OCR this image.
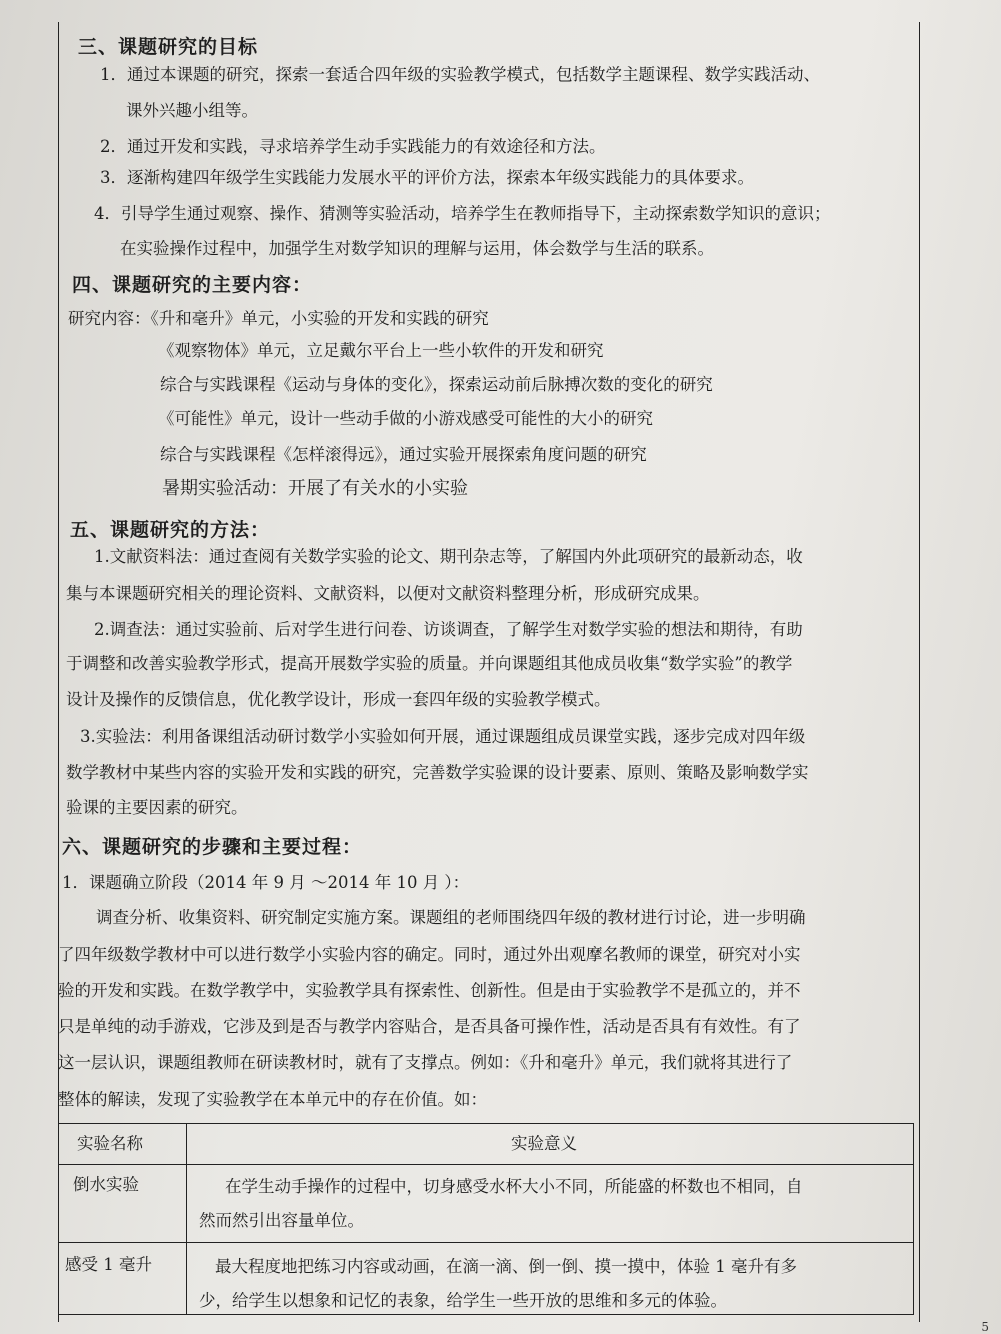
三、课题研究的目标
1．通过本课题的研究，探索一套适合四年级的实验教学模式，包括数学主题课程、数学实践活动、
课外兴趣小组等。
2．通过开发和实践，寻求培养学生动手实践能力的有效途径和方法。
3．逐渐构建四年级学生实践能力发展水平的评价方法，探索本年级实践能力的具体要求。
4．引导学生通过观察、操作、猜测等实验活动，培养学生在教师指导下，主动探索数学知识的意识；
在实验操作过程中，加强学生对数学知识的理解与运用，体会数学与生活的联系。
四、课题研究的主要内容：
研究内容：《升和毫升》单元，小实验的开发和实践的研究
《观察物体》单元，立足戴尔平台上一些小软件的开发和研究
综合与实践课程《运动与身体的变化》，探索运动前后脉搏次数的变化的研究
《可能性》单元，设计一些动手做的小游戏感受可能性的大小的研究
综合与实践课程《怎样滚得远》，通过实验开展探索角度问题的研究
暑期实验活动：开展了有关水的小实验
五、课题研究的方法：
1.文献资料法：通过查阅有关数学实验的论文、期刊杂志等，了解国内外此项研究的最新动态，收
集与本课题研究相关的理论资料、文献资料，以便对文献资料整理分析，形成研究成果。
2.调查法：通过实验前、后对学生进行问卷、访谈调查，了解学生对数学实验的想法和期待，有助
于调整和改善实验教学形式，提高开展数学实验的质量。并向课题组其他成员收集“数学实验”的教学
设计及操作的反馈信息，优化教学设计，形成一套四年级的实验教学模式。
3.实验法：利用备课组活动研讨数学小实验如何开展，通过课题组成员课堂实践，逐步完成对四年级
数学教材中某些内容的实验开发和实践的研究，完善数学实验课的设计要素、原则、策略及影响数学实
验课的主要因素的研究。
六、课题研究的步骤和主要过程：
1．课题确立阶段（2014 年 9 月 ～2014 年 10 月 ）：
调查分析、收集资料、研究制定实施方案。课题组的老师围绕四年级的教材进行讨论，进一步明确
了四年级数学教材中可以进行数学小实验内容的确定。同时，通过外出观摩名教师的课堂，研究对小实
验的开发和实践。在数学教学中，实验教学具有探索性、创新性。但是由于实验教学不是孤立的，并不
只是单纯的动手游戏，它涉及到是否与教学内容贴合，是否具备可操作性，活动是否具有有效性。有了
这一层认识，课题组教师在研读教材时，就有了支撑点。例如：《升和毫升》单元，我们就将其进行了
整体的解读，发现了实验教学在本单元中的存在价值。如：
实验名称	实验意义
倒水实验	在学生动手操作的过程中，切身感受水杯大小不同，所能盛的杯数也不相同，自
然而然引出容量单位。
感受 1 毫升	最大程度地把练习内容或动画，在滴一滴、倒一倒、摸一摸中，体验 1 毫升有多
少，给学生以想象和记忆的表象，给学生一些开放的思维和多元的体验。
5
